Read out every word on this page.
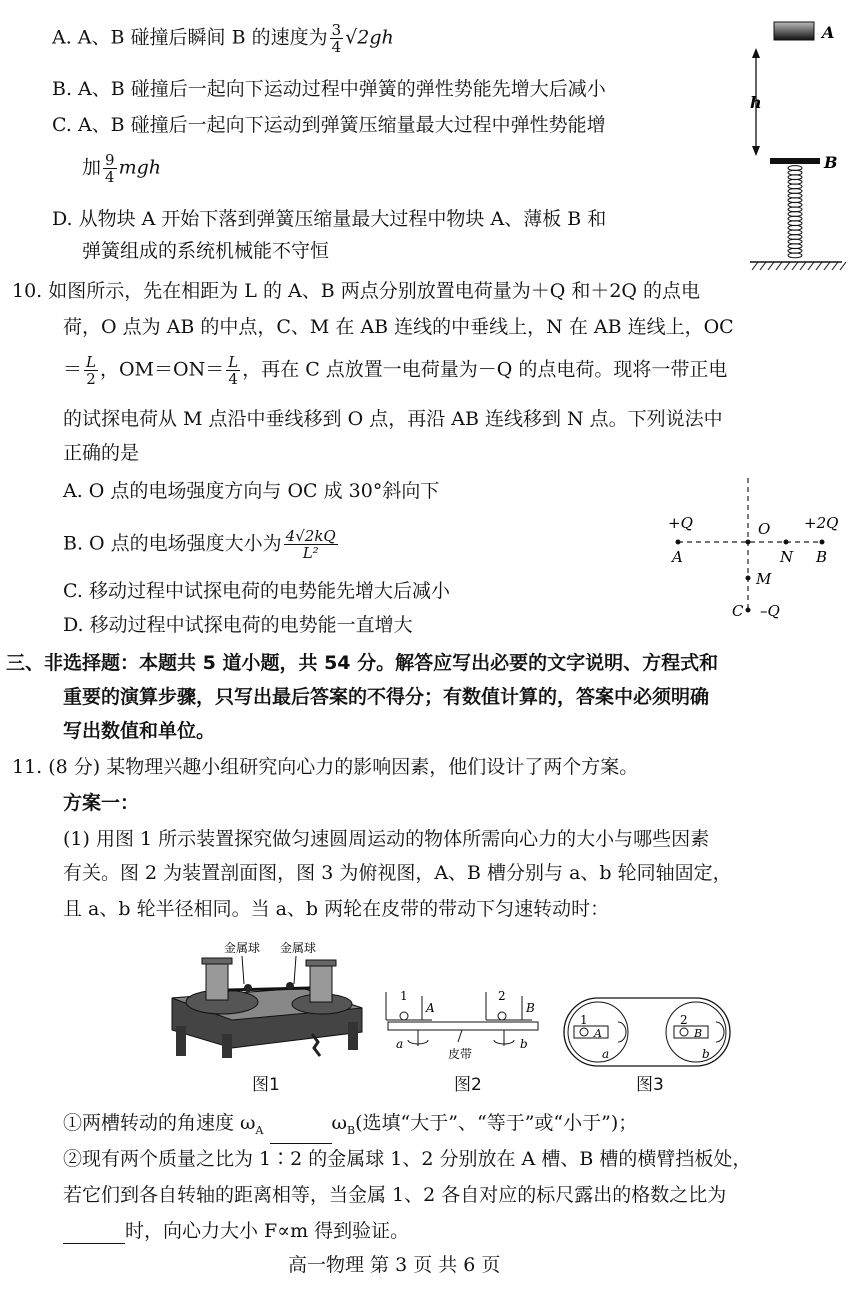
A. A、B 碰撞后瞬间 B 的速度为 $\frac{3}{4} √2gh$
B. A、B 碰撞后一起向下运动过程中弹簧的弹性势能先增大后减小
C. A、B 碰撞后一起向下运动到弹簧压缩量最大过程中弹性势能增
加 $\frac{9}{4}$ mgh
D. 从物块 A 开始下落到弹簧压缩量最大过程中物块 A、薄板 B 和
弹簧组成的系统机械能不守恒
A
h
B
10. 如图所示，先在相距为 L 的 A、B 两点分别放置电荷量为＋Q 和＋2Q 的点电
荷，O 点为 AB 的中点，C、M 在 AB 连线的中垂线上，N 在 AB 连线上，OC
＝ $\frac{L}{2}$ ，$OM=ON= \frac{L}{4}$ ，再在 C 点放置一电荷量为－Q 的点电荷。现将一带正电
的试探电荷从 M 点沿中垂线移到 O 点，再沿 AB 连线移到 N 点。下列说法中
正确的是
A. O 点的电场强度方向与 OC 成 30°斜向下
B. O 点的电场强度大小为 $\frac{4√2kQ}{\text{L²}}$
C. 移动过程中试探电荷的电势能先增大后减小
D. 移动过程中试探电荷的电势能一直增大
+Q
A
O +2Q
N B
M
C –Q
三、非选择题：本题共 5 道小题，共 54 分。解答应写出必要的文字说明、方程式和
重要的演算步骤，只写出最后答案的不得分；有数值计算的，答案中必须明确
写出数值和单位。
11. (8 分) 某物理兴趣小组研究向心力的影响因素，他们设计了两个方案。
方案一：
(1) 用图 1 所示装置探究做匀速圆周运动的物体所需向心力的大小与哪些因素
有关。图 2 为装置剖面图，图 3 为俯视图，A、B 槽分别与 a、b 轮同轴固定，
且 a、b 轮半径相同。当 a、b 两轮在皮带的带动下匀速转动时：
金属球 金属球
图1
1
A
2
B
a	b
皮带
图2
1
A
2
B
a	b
图3
①两槽转动的角速度 $\omega_A$	$\omega_B$(选填“大于”、“等于”或“小于”)；
②现有两个质量之比为 1∶2 的金属球 1、2 分别放在 A 槽、B 槽的横臂挡板处，
若它们到各自转轴的距离相等，当金属 1、2 各自对应的标尺露出的格数之比为
时，向心力大小 F∝m 得到验证。
高一物理 第 3 页 共 6 页
